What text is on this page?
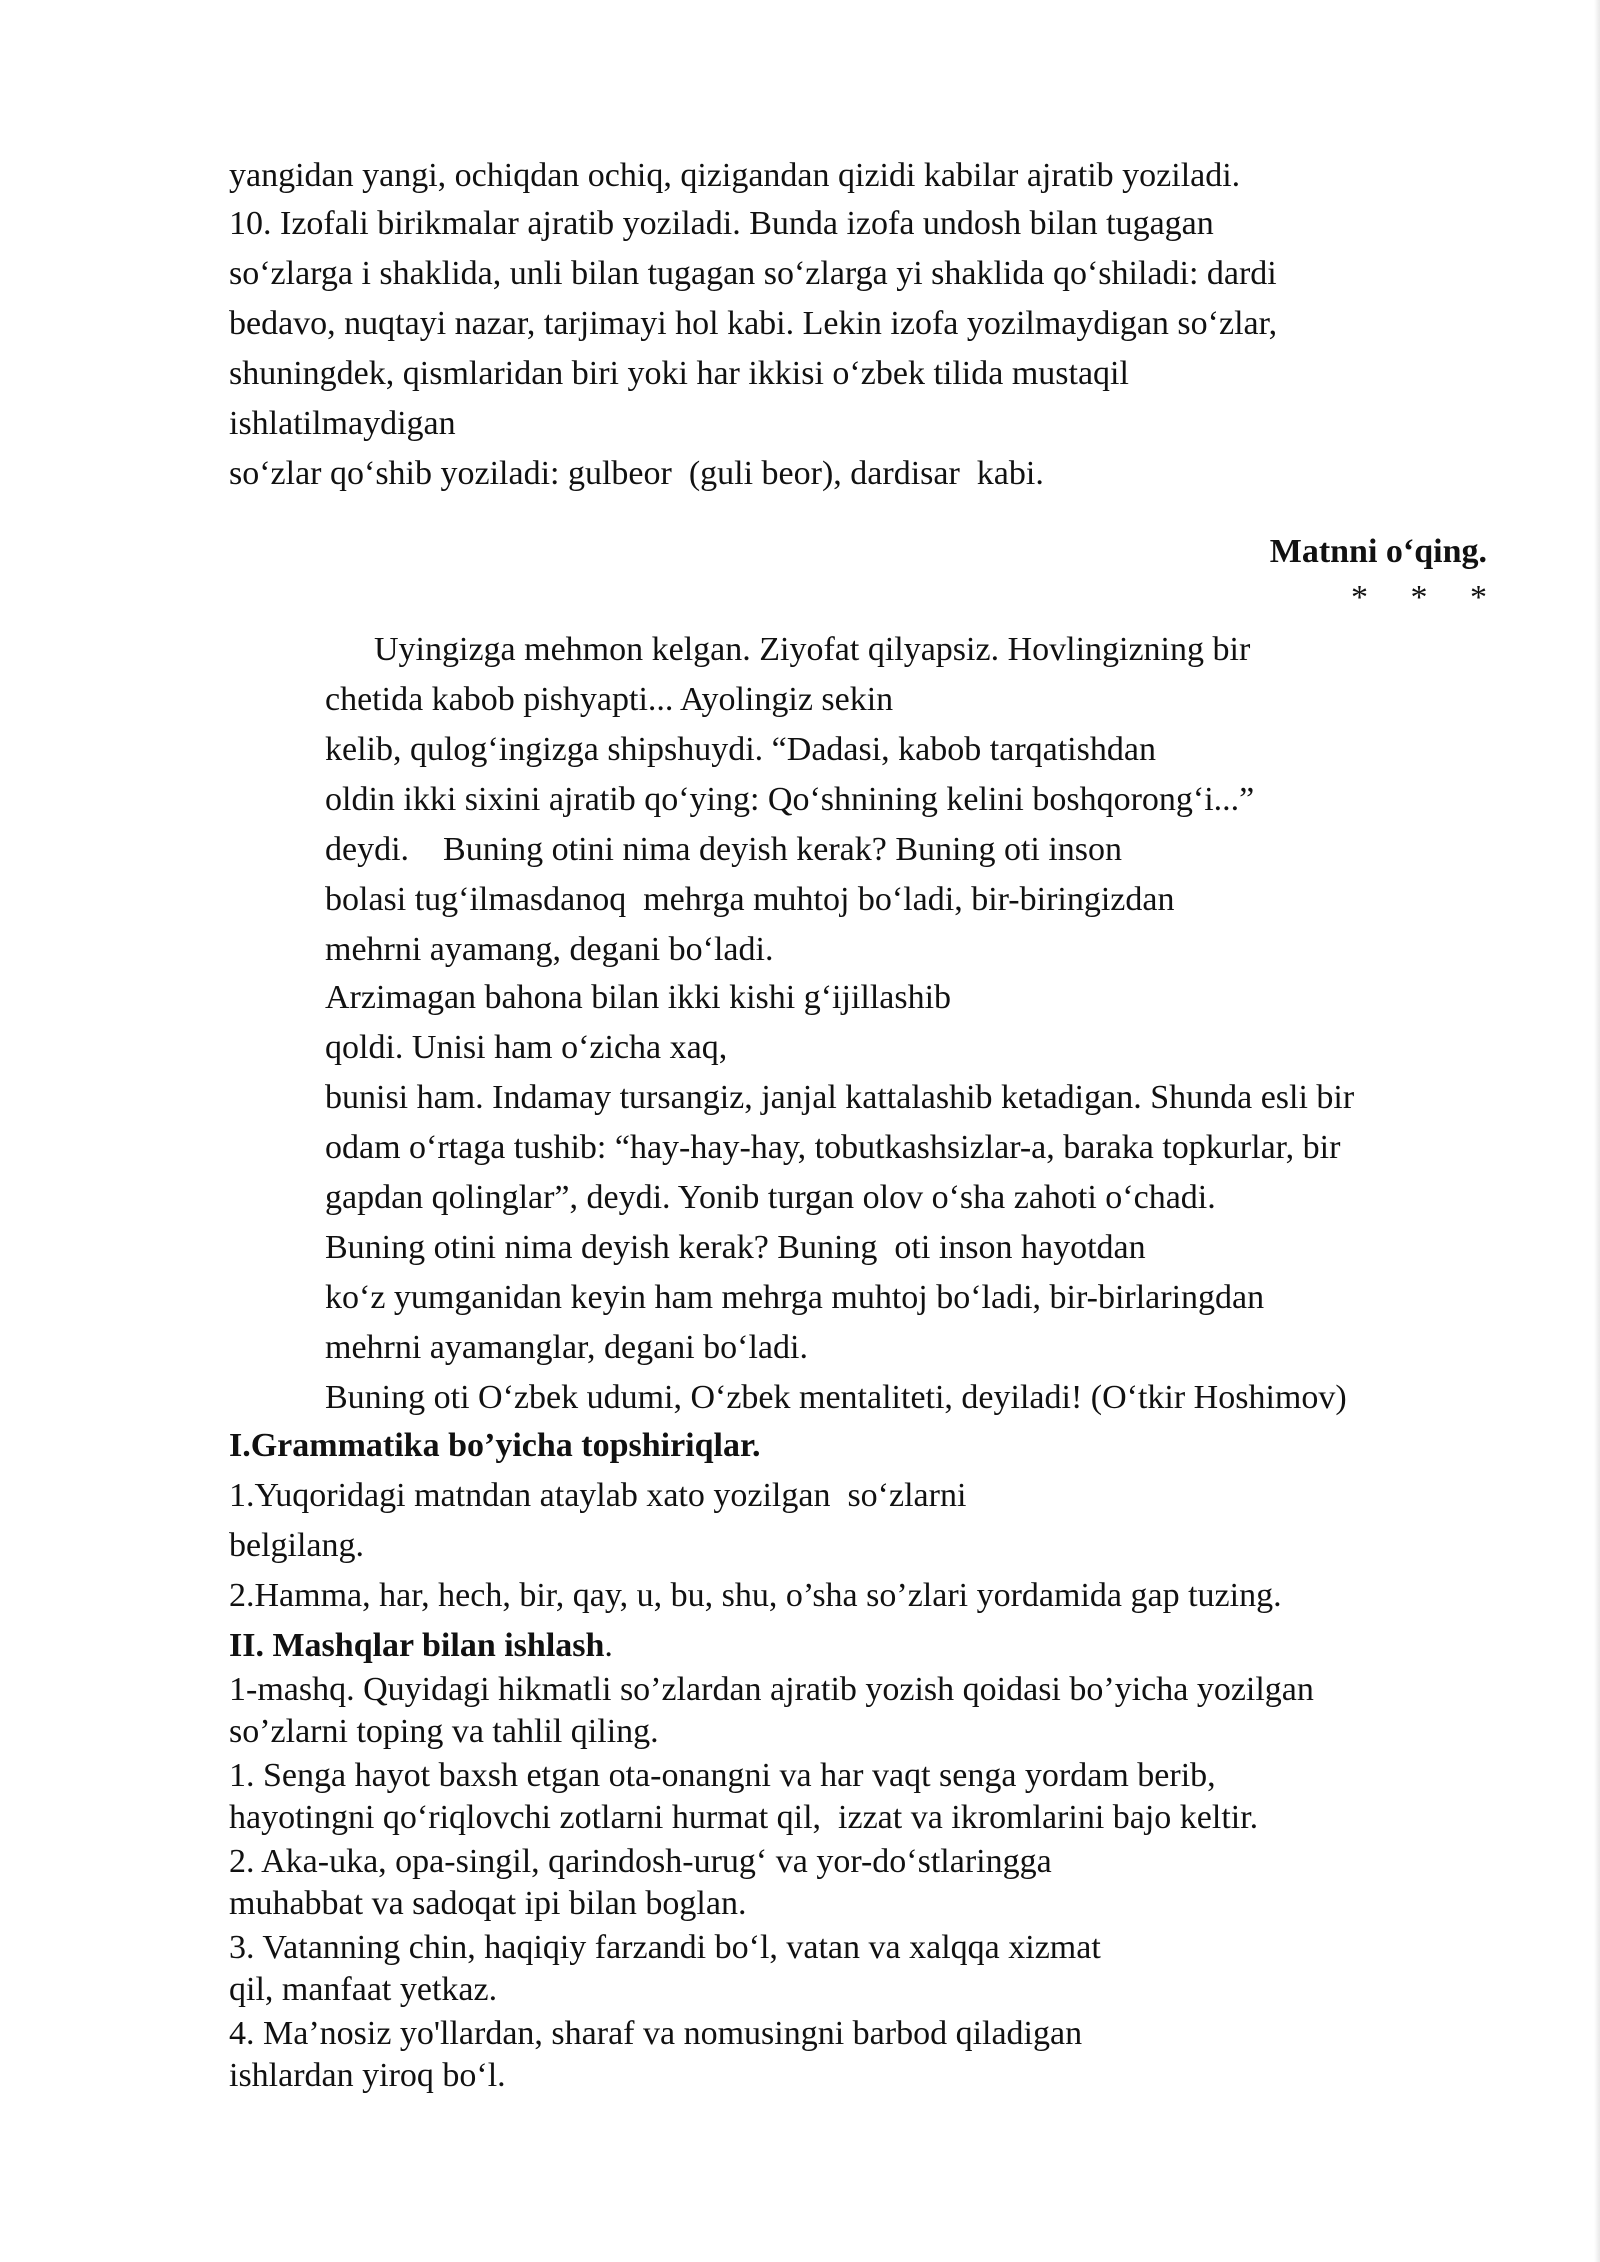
yangidan yangi, ochiqdan ochiq, qizigandan qizidi kabilar ajratib yoziladi.

10. Izofali birikmalar ajratib yoziladi. Bunda izofa undosh bilan tugagan

so‘zlarga i shaklida, unli bilan tugagan so‘zlarga yi shaklida qo‘shiladi: dardi

bedavo, nuqtayi nazar, tarjimayi hol kabi. Lekin izofa yozilmaydigan so‘zlar,

shuningdek, qismlaridan biri yoki har ikkisi o‘zbek tilida mustaqil

ishlatilmaydigan

so‘zlar qo‘shib yoziladi: gulbeor  (guli beor), dardisar  kabi.

Matnni o‘qing.

*     *     *

Uyingizga mehmon kelgan. Ziyofat qilyapsiz. Hovlingizning bir

chetida kabob pishyapti... Ayolingiz sekin

kelib, qulog‘ingizga shipshuydi. “Dadasi, kabob tarqatishdan

oldin ikki sixini ajratib qo‘ying: Qo‘shnining kelini boshqorong‘i...”

deydi.    Buning otini nima deyish kerak? Buning oti inson

bolasi tug‘ilmasdanoq  mehrga muhtoj bo‘ladi, bir-biringizdan

mehrni ayamang, degani bo‘ladi.

Arzimagan bahona bilan ikki kishi g‘ijillashib

qoldi. Unisi ham o‘zicha xaq,

bunisi ham. Indamay tursangiz, janjal kattalashib ketadigan. Shunda esli bir

odam o‘rtaga tushib: “hay-hay-hay, tobutkashsizlar-a, baraka topkurlar, bir

gapdan qolinglar”, deydi. Yonib turgan olov o‘sha zahoti o‘chadi.

Buning otini nima deyish kerak? Buning  oti inson hayotdan

ko‘z yumganidan keyin ham mehrga muhtoj bo‘ladi, bir-birlaringdan

mehrni ayamanglar, degani bo‘ladi.

Buning oti O‘zbek udumi, O‘zbek mentaliteti, deyiladi! (O‘tkir Hoshimov)

I.Grammatika bo’yicha topshiriqlar.

1.Yuqoridagi matndan ataylab xato yozilgan  so‘zlarni

belgilang.

2.Hamma, har, hech, bir, qay, u, bu, shu, o’sha so’zlari yordamida gap tuzing.

II. Mashqlar bilan ishlash.

1-mashq. Quyidagi hikmatli so’zlardan ajratib yozish qoidasi bo’yicha yozilgan

so’zlarni toping va tahlil qiling.

1. Senga hayot baxsh etgan ota-onangni va har vaqt senga yordam berib,

hayotingni qo‘riqlovchi zotlarni hurmat qil,  izzat va ikromlarini bajo keltir.

2. Aka-uka, opa-singil, qarindosh-urug‘ va yor-do‘stlaringga

muhabbat va sadoqat ipi bilan boglan.

3. Vatanning chin, haqiqiy farzandi bo‘l, vatan va xalqqa xizmat

qil, manfaat yetkaz.

4. Ma’nosiz yo'llardan, sharaf va nomusingni barbod qiladigan

ishlardan yiroq bo‘l.
